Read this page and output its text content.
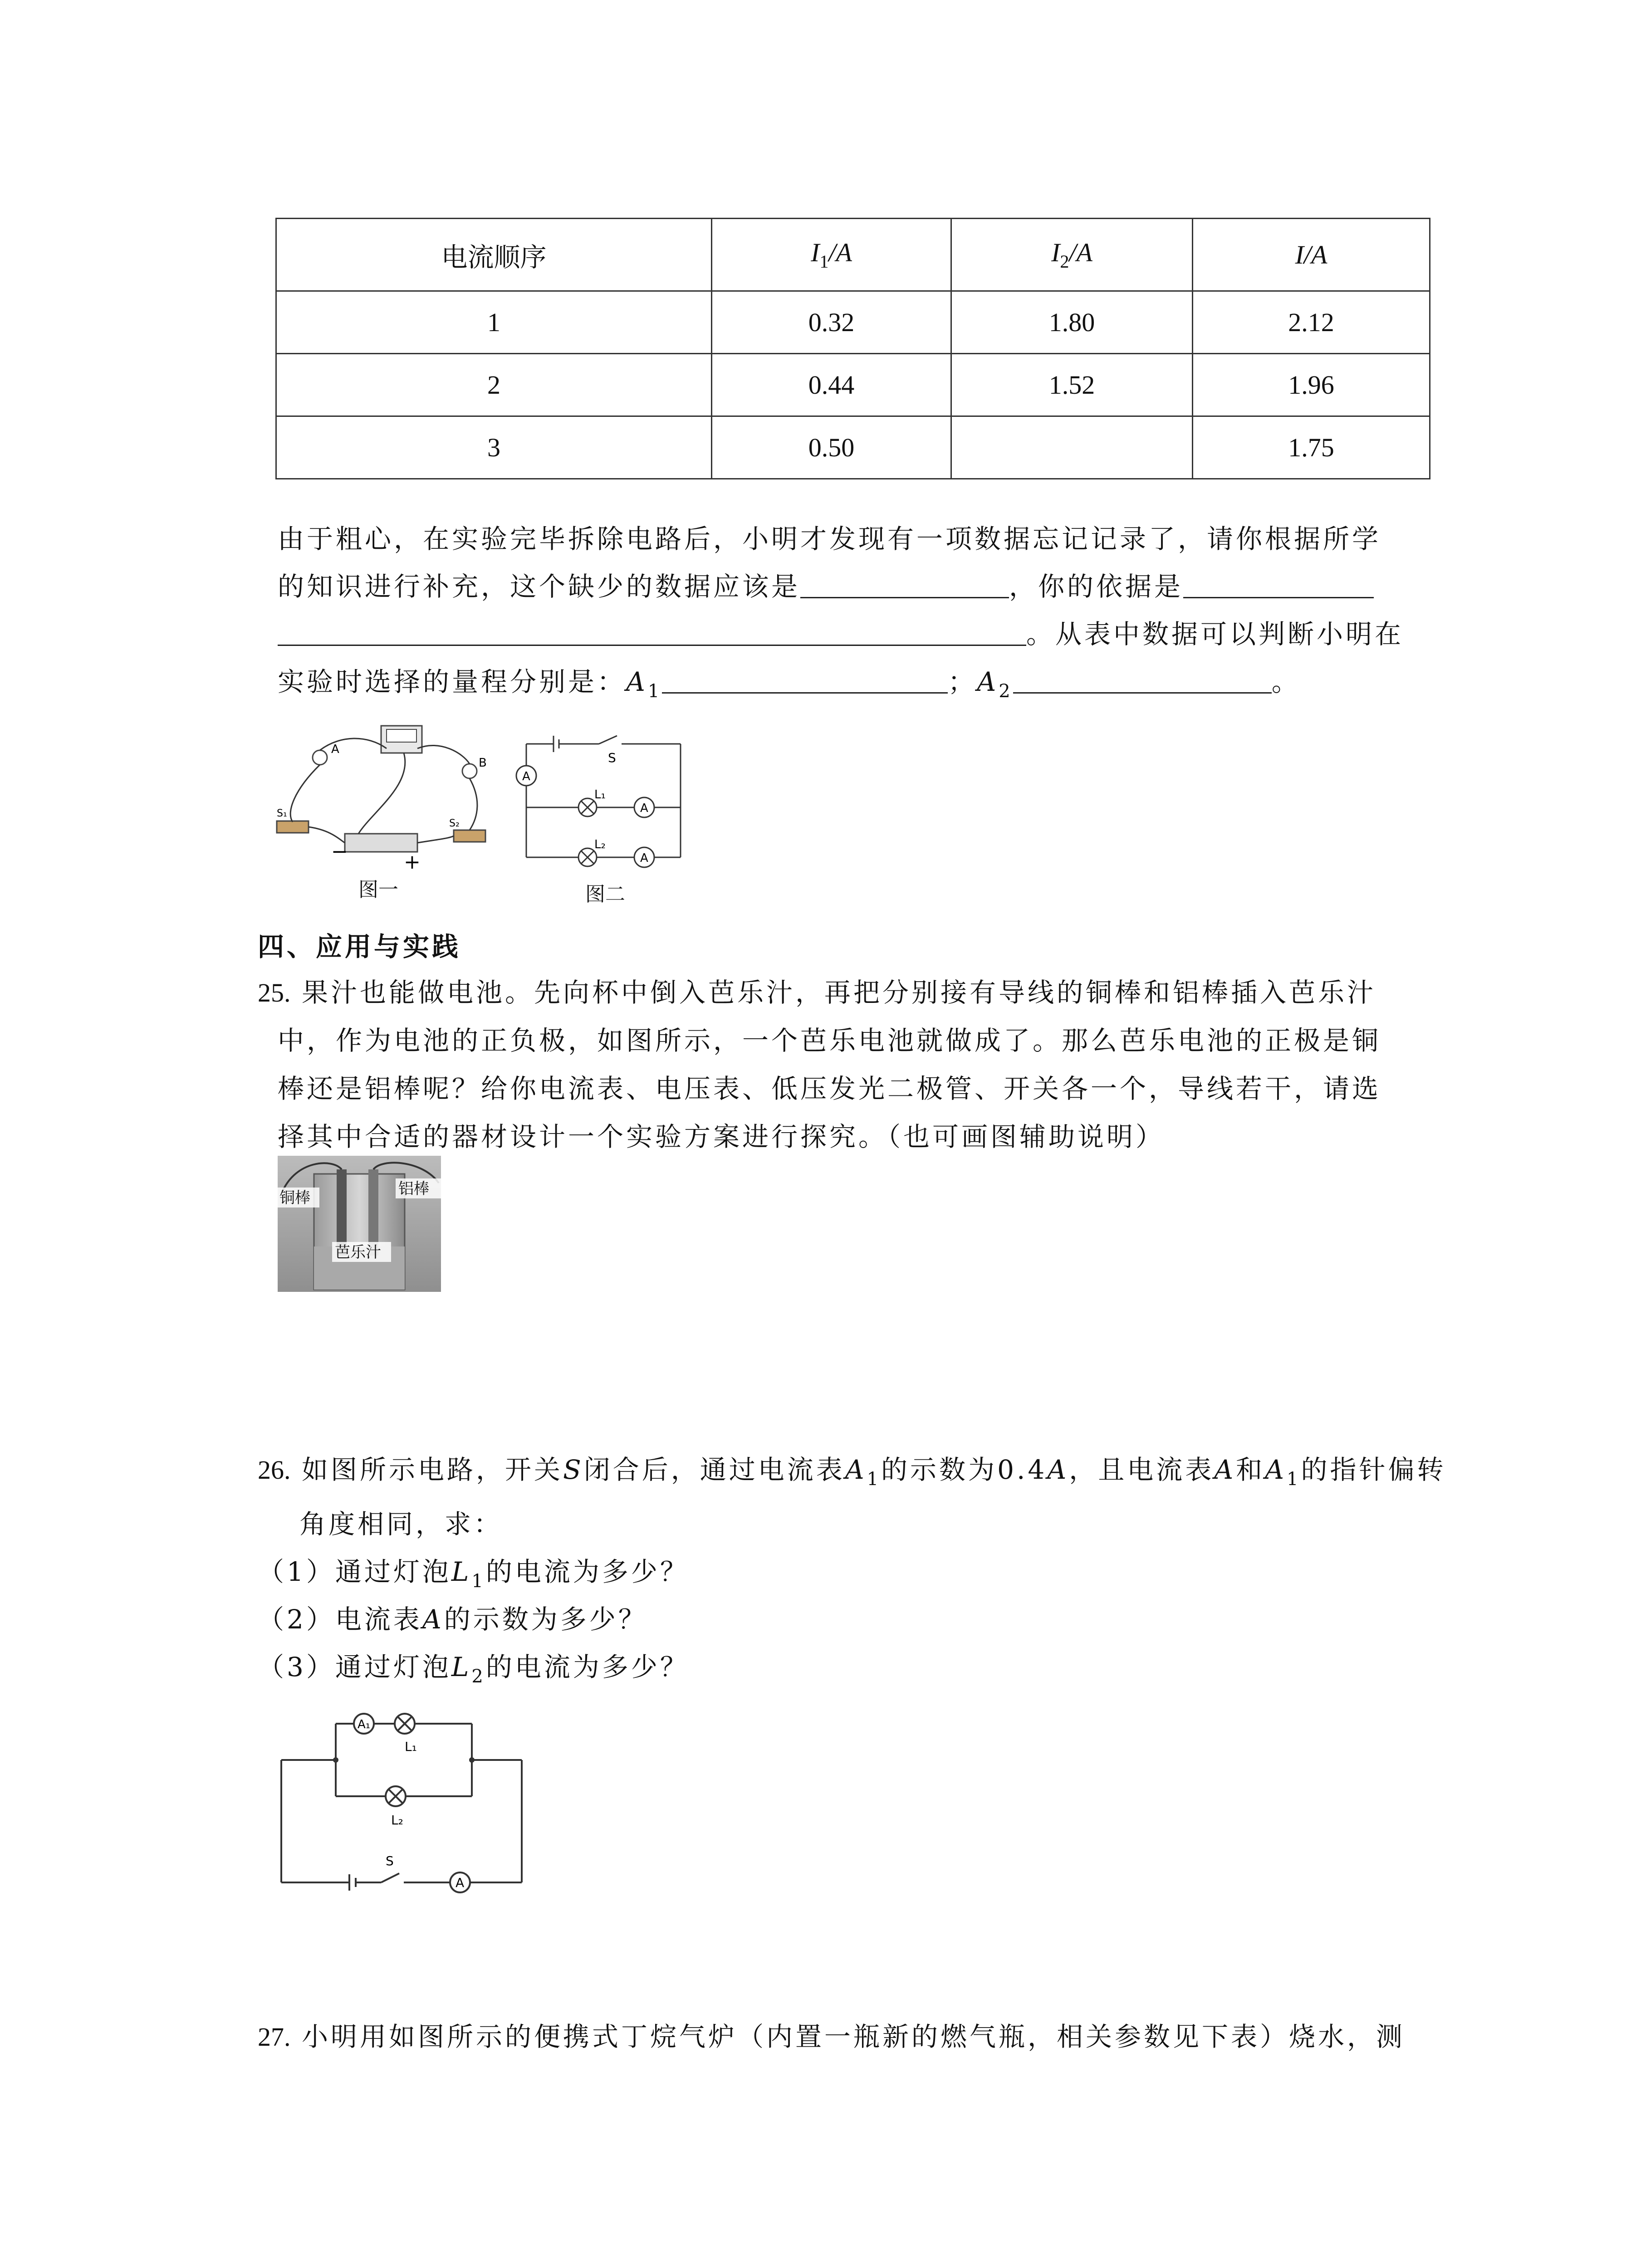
电流顺序	$I_1/A$	$I_2/A$	I/A
1	0.32	1.80	2.12
2	0.44	1.52	1.96
3	0.50		1.75
由于粗心，在实验完毕拆除电路后，小明才发现有一项数据忘记记录了，请你根据所学
的知识进行补充，这个缺少的数据应该是	，你的依据是
。从表中数据可以判断小明在
实验时选择的量程分别是：$A_1$	；$A_2$	。
A
B
S₁
S₂
−	+
图一
A
A
A
S
L₁
L₂
图二
四、应用与实践
25. 果汁也能做电池。先向杯中倒入芭乐汁，再把分别接有导线的铜棒和铝棒插入芭乐汁
中，作为电池的正负极，如图所示，一个芭乐电池就做成了。那么芭乐电池的正极是铜
棒还是铝棒呢？给你电流表、电压表、低压发光二极管、开关各一个，导线若干，请选
择其中合适的器材设计一个实验方案进行探究。（也可画图辅助说明）
铜棒	铝棒
芭乐汁
26. 如图所示电路，开关S闭合后，通过电流表$A_1$的示数为0.4A，且电流表A和$A_1$的指针偏转
角度相同，求：
（1）通过灯泡$L_1$的电流为多少？
（2）电流表A的示数为多少？
（3）通过灯泡$L_2$的电流为多少？
A₁
L₁
L₂
S
A
27. 小明用如图所示的便携式丁烷气炉（内置一瓶新的燃气瓶，相关参数见下表）烧水，测
